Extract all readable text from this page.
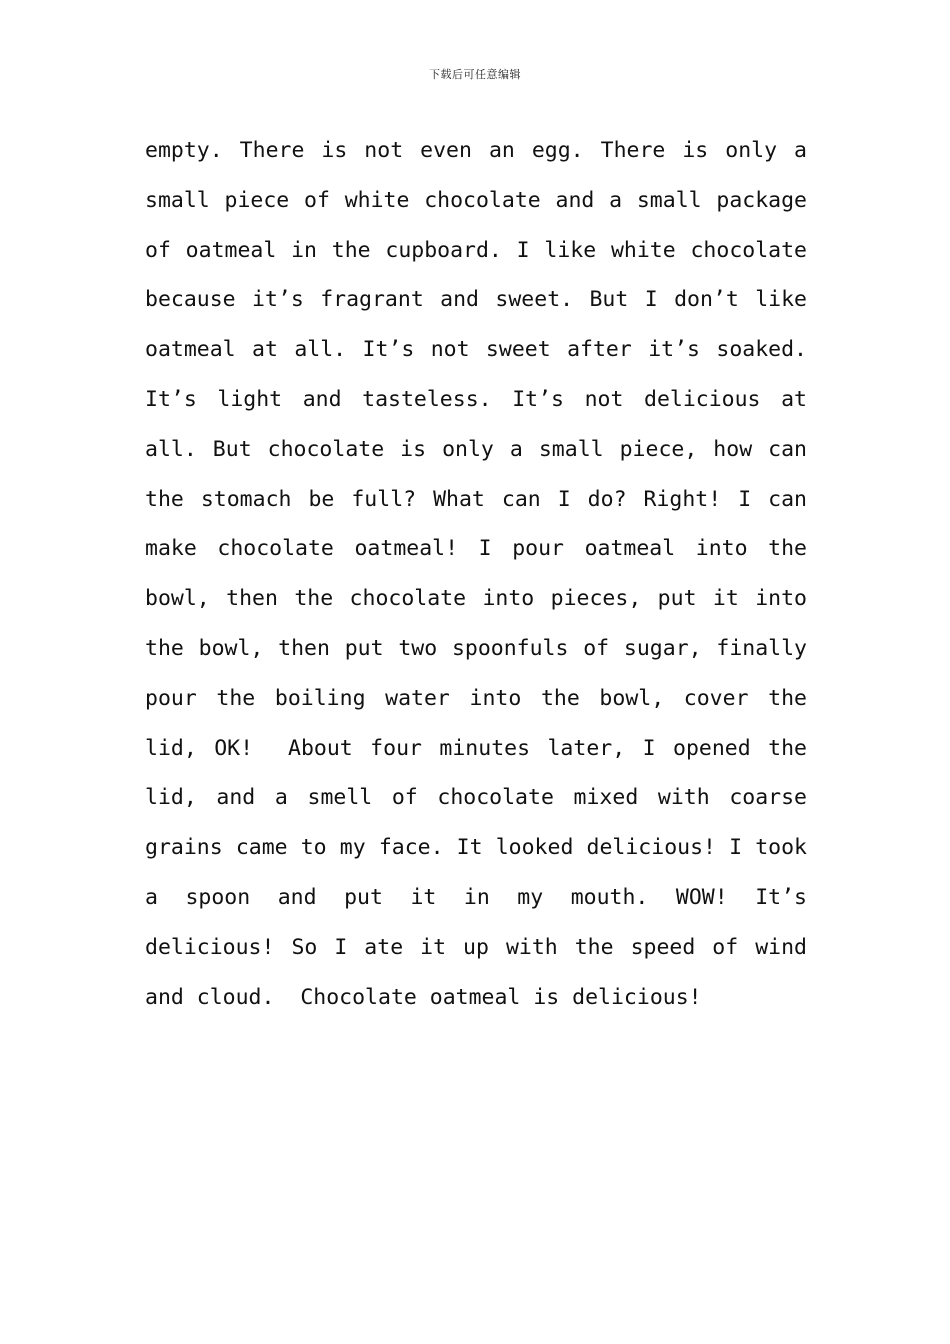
下载后可任意编辑
empty. There is not even an egg. There is only a
small piece of white chocolate and a small package
of oatmeal in the cupboard. I like white chocolate
because it’s fragrant and sweet. But I don’t like
oatmeal at all. It’s not sweet after it’s soaked.
It’s light and tasteless. It’s not delicious at
all. But chocolate is only a small piece, how can
the stomach be full? What can I do? Right! I can
make chocolate oatmeal! I pour oatmeal into the
bowl, then the chocolate into pieces, put it into
the bowl, then put two spoonfuls of sugar, finally
pour the boiling water into the bowl, cover the
lid, OK!  About four minutes later, I opened the
lid, and a smell of chocolate mixed with coarse
grains came to my face. It looked delicious! I took
a spoon and put it in my mouth. WOW! It’s
delicious! So I ate it up with the speed of wind
and cloud.  Chocolate oatmeal is delicious!
